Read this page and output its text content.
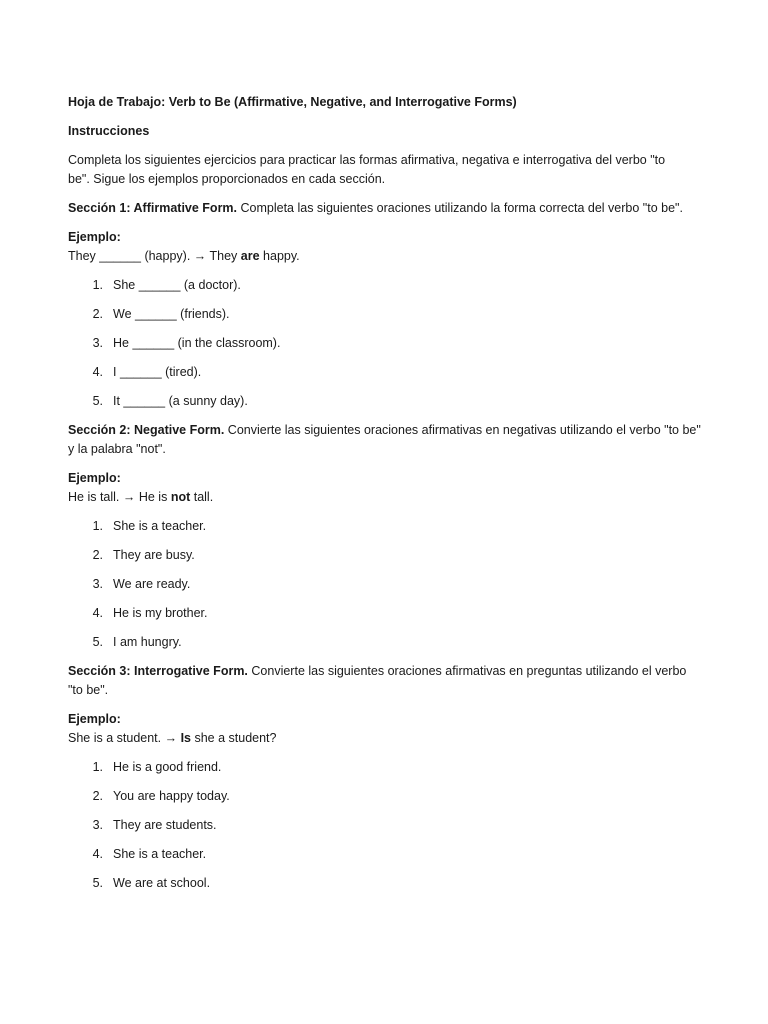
Hoja de Trabajo: Verb to Be (Affirmative, Negative, and Interrogative Forms)

Instrucciones

Completa los siguientes ejercicios para practicar las formas afirmativa, negativa e interrogativa del verbo "to

be". Sigue los ejemplos proporcionados en cada sección.

Sección 1: Affirmative Form. Completa las siguientes oraciones utilizando la forma correcta del verbo "to be".

Ejemplo:

They ______ (happy). → They are happy.

1. She ______ (a doctor).
2. We ______ (friends).
3. He ______ (in the classroom).
4. I ______ (tired).
5. It ______ (a sunny day).

Sección 2: Negative Form. Convierte las siguientes oraciones afirmativas en negativas utilizando el verbo "to be"

y la palabra "not".

Ejemplo:

He is tall. → He is not tall.

1. She is a teacher.
2. They are busy.
3. We are ready.
4. He is my brother.
5. I am hungry.

Sección 3: Interrogative Form. Convierte las siguientes oraciones afirmativas en preguntas utilizando el verbo

"to be".

Ejemplo:

She is a student. → Is she a student?

1. He is a good friend.
2. You are happy today.
3. They are students.
4. She is a teacher.
5. We are at school.
